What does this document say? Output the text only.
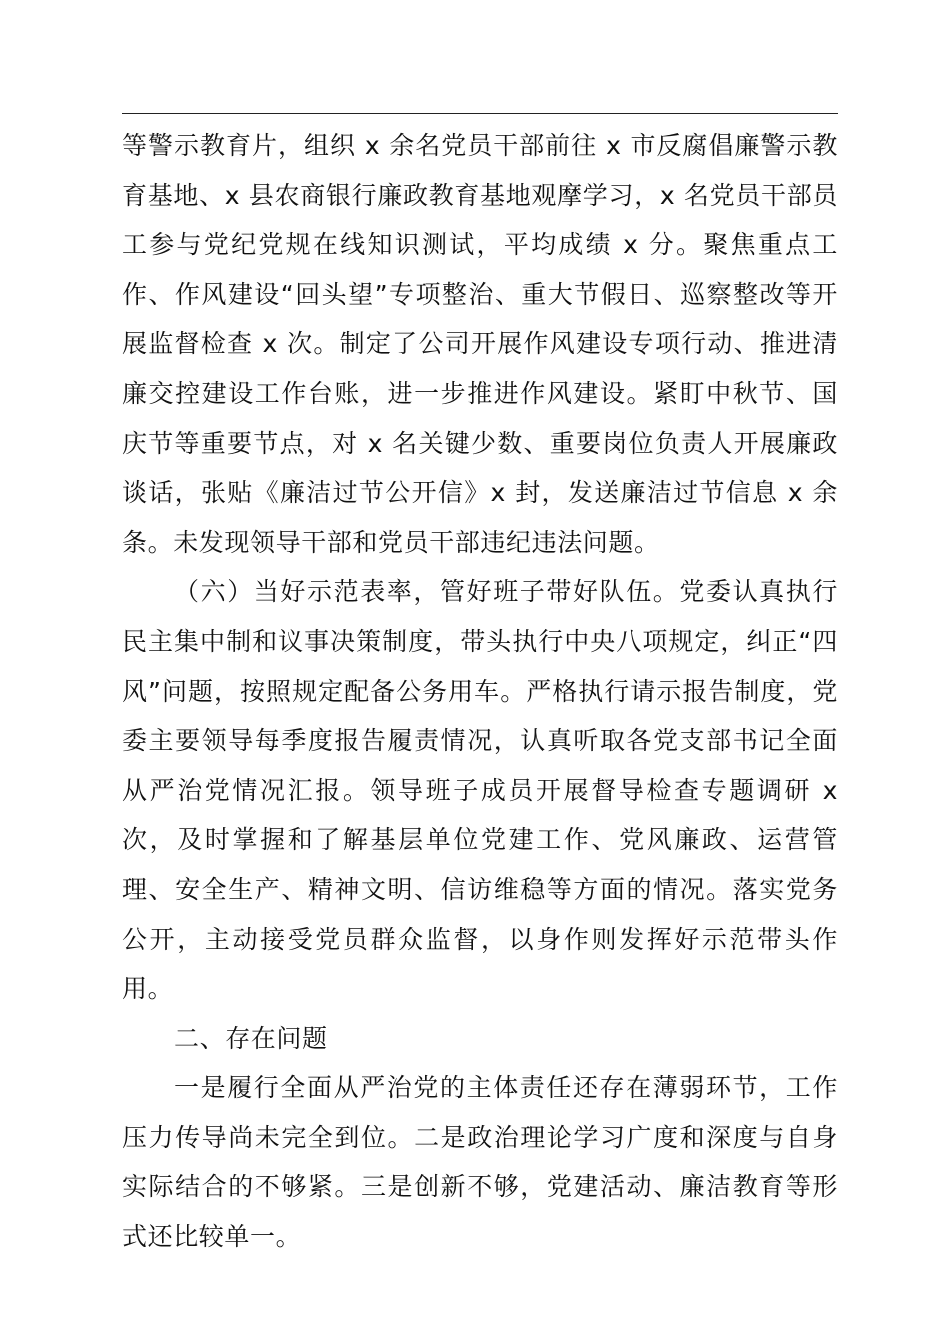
等警示教育片，组织 x 余名党员干部前往 x 市反腐倡廉警示教育基地、x 县农商银行廉政教育基地观摩学习，x 名党员干部员工参与党纪党规在线知识测试，平均成绩 x 分。聚焦重点工作、作风建设“回头望”专项整治、重大节假日、巡察整改等开展监督检查 x 次。制定了公司开展作风建设专项行动、推进清廉交控建设工作台账，进一步推进作风建设。紧盯中秋节、国庆节等重要节点，对 x 名关键少数、重要岗位负责人开展廉政谈话，张贴《廉洁过节公开信》x 封，发送廉洁过节信息 x 余条。未发现领导干部和党员干部违纪违法问题。

（六）当好示范表率，管好班子带好队伍。党委认真执行民主集中制和议事决策制度，带头执行中央八项规定，纠正“四风”问题，按照规定配备公务用车。严格执行请示报告制度，党委主要领导每季度报告履责情况，认真听取各党支部书记全面从严治党情况汇报。领导班子成员开展督导检查专题调研 x 次，及时掌握和了解基层单位党建工作、党风廉政、运营管理、安全生产、精神文明、信访维稳等方面的情况。落实党务公开，主动接受党员群众监督，以身作则发挥好示范带头作用。

二、存在问题

一是履行全面从严治党的主体责任还存在薄弱环节，工作压力传导尚未完全到位。二是政治理论学习广度和深度与自身实际结合的不够紧。三是创新不够，党建活动、廉洁教育等形式还比较单一。
